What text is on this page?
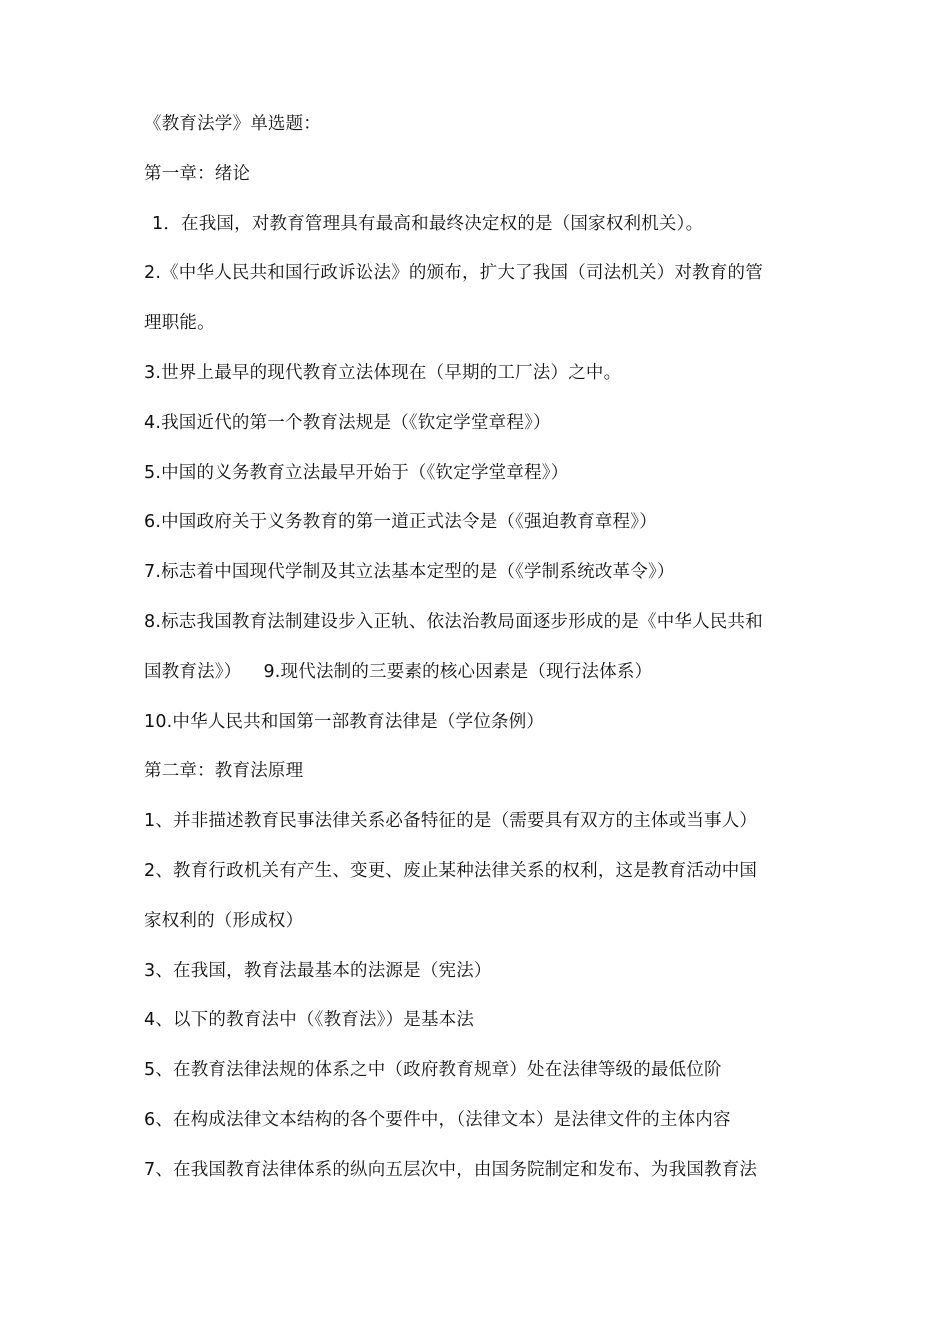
《教育法学》单选题：
第一章：绪论
1．在我国，对教育管理具有最高和最终决定权的是（国家权利机关）。
2.《中华人民共和国行政诉讼法》的颁布，扩大了我国（司法机关）对教育的管
理职能。
3.世界上最早的现代教育立法体现在（早期的工厂法）之中。
4.我国近代的第一个教育法规是（《钦定学堂章程》）
5.中国的义务教育立法最早开始于（《钦定学堂章程》）
6.中国政府关于义务教育的第一道正式法令是（《强迫教育章程》）
7.标志着中国现代学制及其立法基本定型的是（《学制系统改革令》）
8.标志我国教育法制建设步入正轨、依法治教局面逐步形成的是《中华人民共和
国教育法》） 9.现代法制的三要素的核心因素是（现行法体系）
10.中华人民共和国第一部教育法律是（学位条例）
第二章：教育法原理
1、并非描述教育民事法律关系必备特征的是（需要具有双方的主体或当事人）
2、教育行政机关有产生、变更、废止某种法律关系的权利，这是教育活动中国
家权利的（形成权）
3、在我国，教育法最基本的法源是（宪法）
4、以下的教育法中（《教育法》）是基本法
5、在教育法律法规的体系之中（政府教育规章）处在法律等级的最低位阶
6、在构成法律文本结构的各个要件中，（法律文本）是法律文件的主体内容
7、在我国教育法律体系的纵向五层次中，由国务院制定和发布、为我国教育法
